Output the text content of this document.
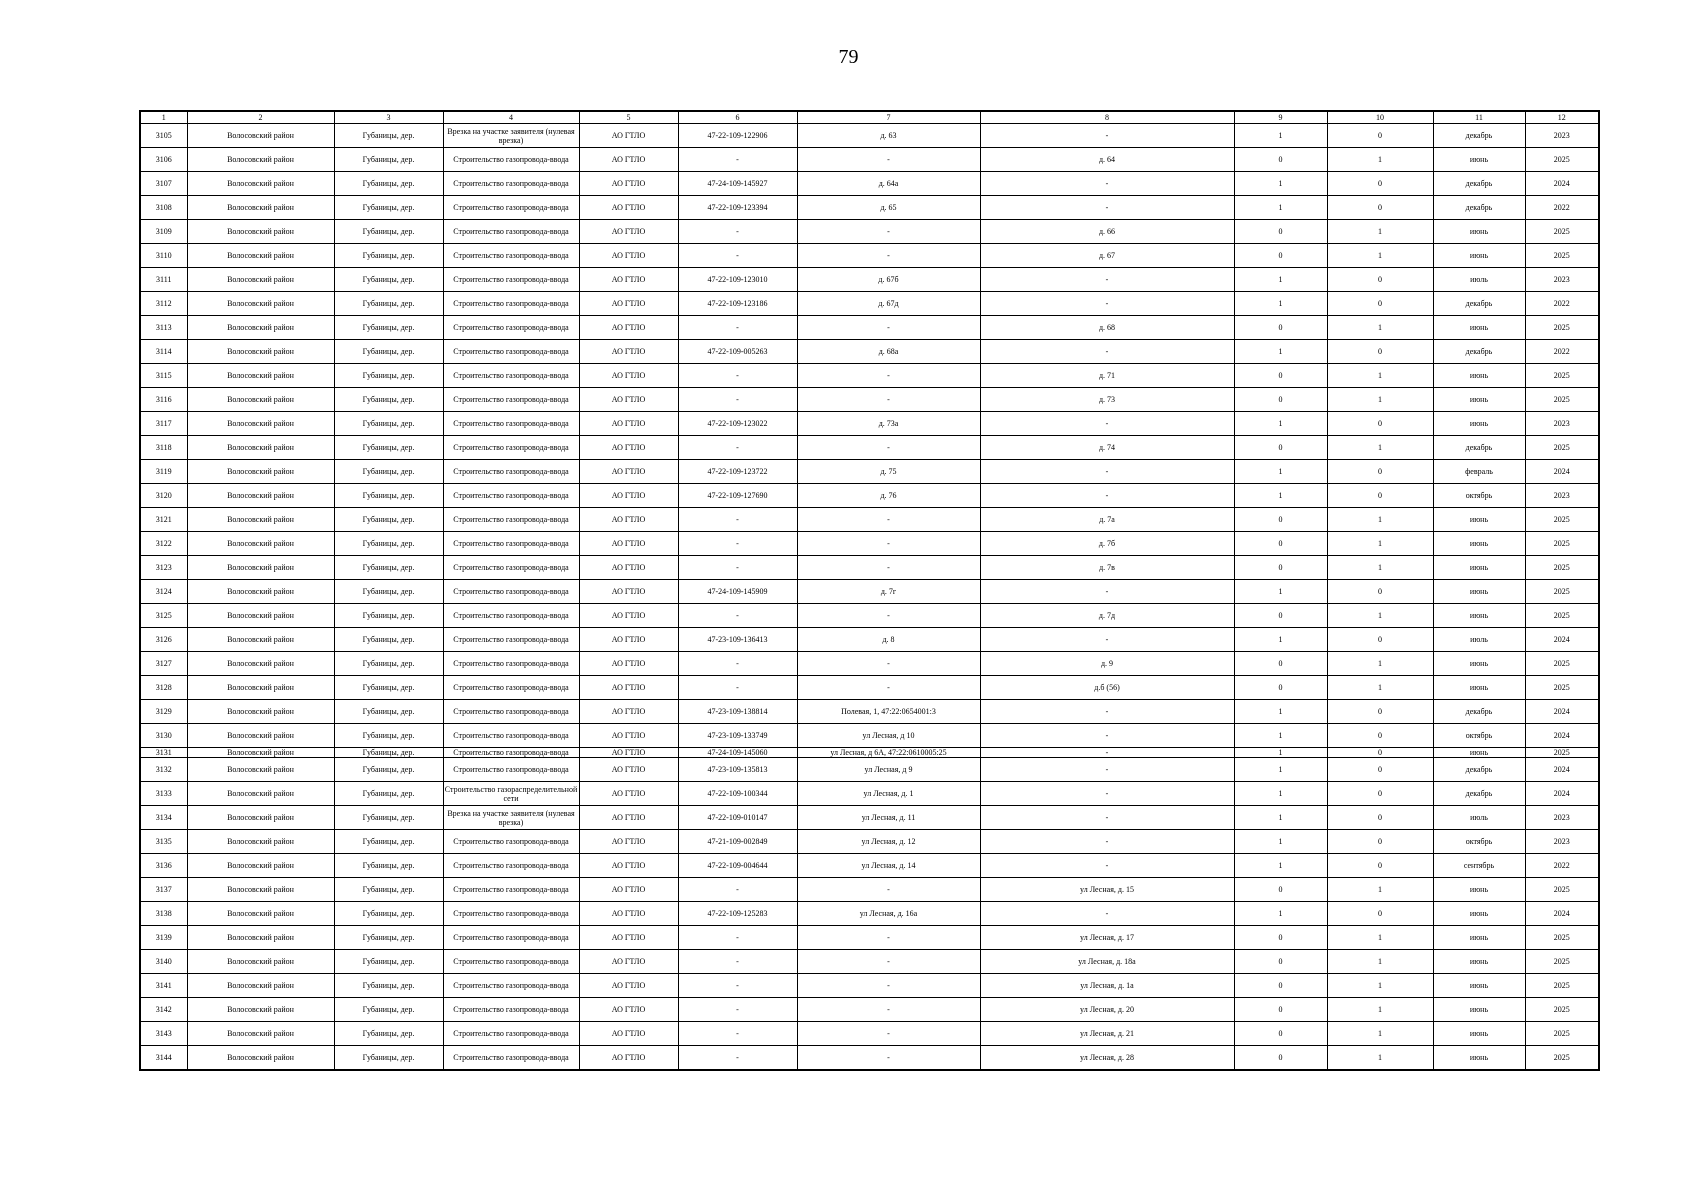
79
1	2	3	4	5	6	7	8	9	10	11	12
3105	Волосовский район	Губаницы, дер.	Врезка на участке заявителя (нулевая врезка)	АО ГТЛО	47-22-109-122906	д. 63	-	1	0	декабрь	2023
3106	Волосовский район	Губаницы, дер.	Строительство газопровода-ввода	АО ГТЛО	-	-	д. 64	0	1	июнь	2025
3107	Волосовский район	Губаницы, дер.	Строительство газопровода-ввода	АО ГТЛО	47-24-109-145927	д. 64а	-	1	0	декабрь	2024
3108	Волосовский район	Губаницы, дер.	Строительство газопровода-ввода	АО ГТЛО	47-22-109-123394	д. 65	-	1	0	декабрь	2022
3109	Волосовский район	Губаницы, дер.	Строительство газопровода-ввода	АО ГТЛО	-	-	д. 66	0	1	июнь	2025
3110	Волосовский район	Губаницы, дер.	Строительство газопровода-ввода	АО ГТЛО	-	-	д. 67	0	1	июнь	2025
3111	Волосовский район	Губаницы, дер.	Строительство газопровода-ввода	АО ГТЛО	47-22-109-123010	д. 67б	-	1	0	июль	2023
3112	Волосовский район	Губаницы, дер.	Строительство газопровода-ввода	АО ГТЛО	47-22-109-123186	д. 67д	-	1	0	декабрь	2022
3113	Волосовский район	Губаницы, дер.	Строительство газопровода-ввода	АО ГТЛО	-	-	д. 68	0	1	июнь	2025
3114	Волосовский район	Губаницы, дер.	Строительство газопровода-ввода	АО ГТЛО	47-22-109-005263	д. 68а	-	1	0	декабрь	2022
3115	Волосовский район	Губаницы, дер.	Строительство газопровода-ввода	АО ГТЛО	-	-	д. 71	0	1	июнь	2025
3116	Волосовский район	Губаницы, дер.	Строительство газопровода-ввода	АО ГТЛО	-	-	д. 73	0	1	июнь	2025
3117	Волосовский район	Губаницы, дер.	Строительство газопровода-ввода	АО ГТЛО	47-22-109-123022	д. 73а	-	1	0	июнь	2023
3118	Волосовский район	Губаницы, дер.	Строительство газопровода-ввода	АО ГТЛО	-	-	д. 74	0	1	декабрь	2025
3119	Волосовский район	Губаницы, дер.	Строительство газопровода-ввода	АО ГТЛО	47-22-109-123722	д. 75	-	1	0	февраль	2024
3120	Волосовский район	Губаницы, дер.	Строительство газопровода-ввода	АО ГТЛО	47-22-109-127690	д. 76	-	1	0	октябрь	2023
3121	Волосовский район	Губаницы, дер.	Строительство газопровода-ввода	АО ГТЛО	-	-	д. 7а	0	1	июнь	2025
3122	Волосовский район	Губаницы, дер.	Строительство газопровода-ввода	АО ГТЛО	-	-	д. 7б	0	1	июнь	2025
3123	Волосовский район	Губаницы, дер.	Строительство газопровода-ввода	АО ГТЛО	-	-	д. 7в	0	1	июнь	2025
3124	Волосовский район	Губаницы, дер.	Строительство газопровода-ввода	АО ГТЛО	47-24-109-145909	д. 7г	-	1	0	июнь	2025
3125	Волосовский район	Губаницы, дер.	Строительство газопровода-ввода	АО ГТЛО	-	-	д. 7д	0	1	июнь	2025
3126	Волосовский район	Губаницы, дер.	Строительство газопровода-ввода	АО ГТЛО	47-23-109-136413	д. 8	-	1	0	июль	2024
3127	Волосовский район	Губаницы, дер.	Строительство газопровода-ввода	АО ГТЛО	-	-	д. 9	0	1	июнь	2025
3128	Волосовский район	Губаницы, дер.	Строительство газопровода-ввода	АО ГТЛО	-	-	д.б (56)	0	1	июнь	2025
3129	Волосовский район	Губаницы, дер.	Строительство газопровода-ввода	АО ГТЛО	47-23-109-138814	Полевая, 1, 47:22:0654001:3	-	1	0	декабрь	2024
3130	Волосовский район	Губаницы, дер.	Строительство газопровода-ввода	АО ГТЛО	47-23-109-133749	ул Лесная, д 10	-	1	0	октябрь	2024
3131	Волосовский район	Губаницы, дер.	Строительство газопровода-ввода	АО ГТЛО	47-24-109-145060	ул Лесная, д 6А, 47:22:0610005:25	-	1	0	июнь	2025
3132	Волосовский район	Губаницы, дер.	Строительство газопровода-ввода	АО ГТЛО	47-23-109-135813	ул Лесная, д 9	-	1	0	декабрь	2024
3133	Волосовский район	Губаницы, дер.	Строительство газораспределительной сети	АО ГТЛО	47-22-109-100344	ул Лесная, д. 1	-	1	0	декабрь	2024
3134	Волосовский район	Губаницы, дер.	Врезка на участке заявителя (нулевая врезка)	АО ГТЛО	47-22-109-010147	ул Лесная, д. 11	-	1	0	июль	2023
3135	Волосовский район	Губаницы, дер.	Строительство газопровода-ввода	АО ГТЛО	47-21-109-002849	ул Лесная, д. 12	-	1	0	октябрь	2023
3136	Волосовский район	Губаницы, дер.	Строительство газопровода-ввода	АО ГТЛО	47-22-109-004644	ул Лесная, д. 14	-	1	0	сентябрь	2022
3137	Волосовский район	Губаницы, дер.	Строительство газопровода-ввода	АО ГТЛО	-	-	ул Лесная, д. 15	0	1	июнь	2025
3138	Волосовский район	Губаницы, дер.	Строительство газопровода-ввода	АО ГТЛО	47-22-109-125283	ул Лесная, д. 16а	-	1	0	июнь	2024
3139	Волосовский район	Губаницы, дер.	Строительство газопровода-ввода	АО ГТЛО	-	-	ул Лесная, д. 17	0	1	июнь	2025
3140	Волосовский район	Губаницы, дер.	Строительство газопровода-ввода	АО ГТЛО	-	-	ул Лесная, д. 18а	0	1	июнь	2025
3141	Волосовский район	Губаницы, дер.	Строительство газопровода-ввода	АО ГТЛО	-	-	ул Лесная, д. 1а	0	1	июнь	2025
3142	Волосовский район	Губаницы, дер.	Строительство газопровода-ввода	АО ГТЛО	-	-	ул Лесная, д. 20	0	1	июнь	2025
3143	Волосовский район	Губаницы, дер.	Строительство газопровода-ввода	АО ГТЛО	-	-	ул Лесная, д. 21	0	1	июнь	2025
3144	Волосовский район	Губаницы, дер.	Строительство газопровода-ввода	АО ГТЛО	-	-	ул Лесная, д. 28	0	1	июнь	2025
